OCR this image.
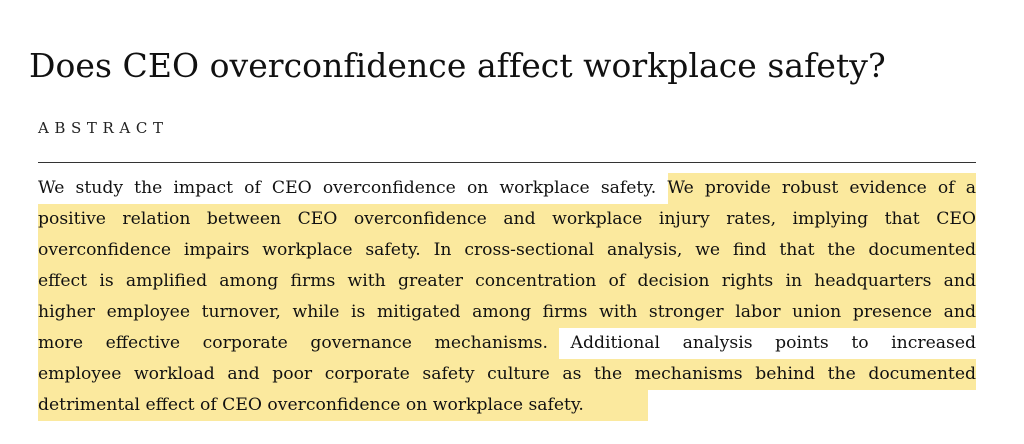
Does CEO overconfidence affect workplace safety?
ABSTRACT
We study the impact of CEO overconfidence on workplace safety. We provide robust evidence of a
positive relation between CEO overconfidence and workplace injury rates, implying that CEO
overconfidence impairs workplace safety. In cross-sectional analysis, we find that the documented
effect is amplified among firms with greater concentration of decision rights in headquarters and
higher employee turnover, while is mitigated among firms with stronger labor union presence and
more effective corporate governance mechanisms. Additional analysis points to increased
employee workload and poor corporate safety culture as the mechanisms behind the documented
detrimental effect of CEO overconfidence on workplace safety.
